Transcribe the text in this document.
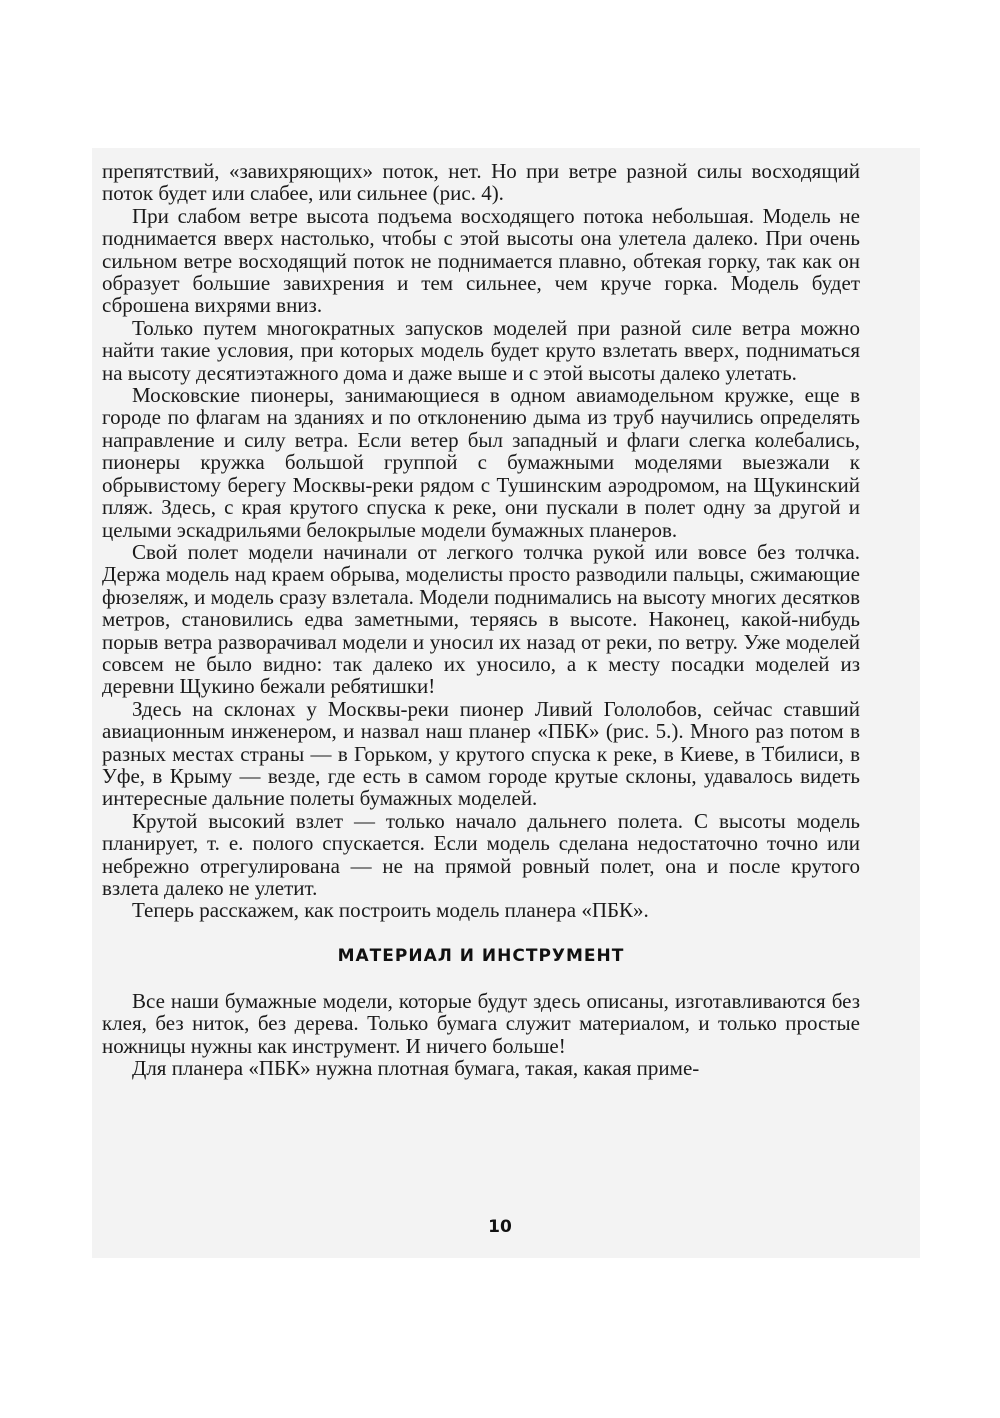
препятствий, «завихряющих» поток, нет. Но при ветре разной силы восходящий поток будет или слабее, или сильнее (рис. 4).

При слабом ветре высота подъема восходящего потока небольшая. Модель не поднимается вверх настолько, чтобы с этой высоты она улетела далеко. При очень сильном ветре восходящий поток не поднимается плавно, обтекая горку, так как он образует большие завихрения и тем сильнее, чем круче горка. Модель будет сброшена вихрями вниз.

Только путем многократных запусков моделей при разной силе ветра можно найти такие условия, при которых модель будет круто взлетать вверх, подниматься на высоту десятиэтажного дома и даже выше и с этой высоты далеко улетать.

Московские пионеры, занимающиеся в одном авиамодельном кружке, еще в городе по флагам на зданиях и по отклонению дыма из труб научились определять направление и силу ветра. Если ветер был западный и флаги слегка колебались, пионеры кружка большой группой с бумажными моделями выезжали к обрывистому берегу Москвы-реки рядом с Тушинским аэродромом, на Щукинский пляж. Здесь, с края крутого спуска к реке, они пускали в полет одну за другой и целыми эскадрильями белокрылые модели бумажных планеров.

Свой полет модели начинали от легкого толчка рукой или вовсе без толчка. Держа модель над краем обрыва, моделисты просто разводили пальцы, сжимающие фюзеляж, и модель сразу взлетала. Модели поднимались на высоту многих десятков метров, становились едва заметными, теряясь в высоте. Наконец, какой-нибудь порыв ветра разворачивал модели и уносил их назад от реки, по ветру. Уже моделей совсем не было видно: так далеко их уносило, а к месту посадки моделей из деревни Щукино бежали ребятишки!

Здесь на склонах у Москвы-реки пионер Ливий Гололобов, сейчас ставший авиационным инженером, и назвал наш планер «ПБК» (рис. 5.). Много раз потом в разных местах страны — в Горьком, у крутого спуска к реке, в Киеве, в Тбилиси, в Уфе, в Крыму — везде, где есть в самом городе крутые склоны, удавалось видеть интересные дальние полеты бумажных моделей.

Крутой высокий взлет — только начало дальнего полета. С высоты модель планирует, т. е. полого спускается. Если модель сделана недостаточно точно или небрежно отрегулирована — не на прямой ровный полет, она и после крутого взлета далеко не улетит.

Теперь расскажем, как построить модель планера «ПБК».

МАТЕРИАЛ И ИНСТРУМЕНТ

Все наши бумажные модели, которые будут здесь описаны, изготавливаются без клея, без ниток, без дерева. Только бумага служит материалом, и только простые ножницы нужны как инструмент. И ничего больше!

Для планера «ПБК» нужна плотная бумага, такая, какая приме-

10
